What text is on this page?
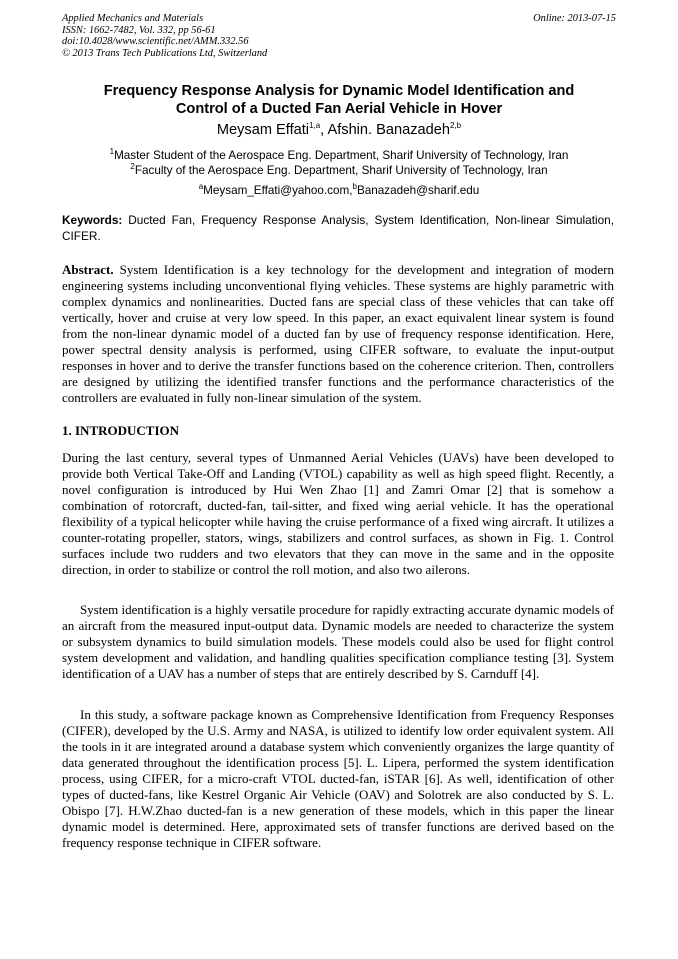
Applied Mechanics and Materials
ISSN: 1662-7482, Vol. 332, pp 56-61
doi:10.4028/www.scientific.net/AMM.332.56
© 2013 Trans Tech Publications Ltd, Switzerland
Online: 2013-07-15
Frequency Response Analysis for Dynamic Model Identification and
Control of a Ducted Fan Aerial Vehicle in Hover
Meysam Effati$^{1,a}$, Afshin. Banazadeh$^{2,b}$
$^1$Master Student of the Aerospace Eng. Department, Sharif University of Technology, Iran
$^2$Faculty of the Aerospace Eng. Department, Sharif University of Technology, Iran
$^a$Meysam_Effati@yahoo.com,$^b$Banazadeh@sharif.edu
Keywords: Ducted Fan, Frequency Response Analysis, System Identification, Non-linear Simulation, CIFER.
Abstract. System Identification is a key technology for the development and integration of modern engineering systems including unconventional flying vehicles. These systems are highly parametric with complex dynamics and nonlinearities. Ducted fans are special class of these vehicles that can take off vertically, hover and cruise at very low speed. In this paper, an exact equivalent linear system is found from the non-linear dynamic model of a ducted fan by use of frequency response identification. Here, power spectral density analysis is performed, using CIFER software, to evaluate the input-output responses in hover and to derive the transfer functions based on the coherence criterion. Then, controllers are designed by utilizing the identified transfer functions and the performance characteristics of the controllers are evaluated in fully non-linear simulation of the system.
1. INTRODUCTION
During the last century, several types of Unmanned Aerial Vehicles (UAVs) have been developed to provide both Vertical Take-Off and Landing (VTOL) capability as well as high speed flight. Recently, a novel configuration is introduced by Hui Wen Zhao [1] and Zamri Omar [2] that is somehow a combination of rotorcraft, ducted-fan, tail-sitter, and fixed wing aerial vehicle. It has the operational flexibility of a typical helicopter while having the cruise performance of a fixed wing aircraft. It utilizes a counter-rotating propeller, stators, wings, stabilizers and control surfaces, as shown in Fig. 1. Control surfaces include two rudders and two elevators that they can move in the same and in the opposite direction, in order to stabilize or control the roll motion, and also two ailerons.
System identification is a highly versatile procedure for rapidly extracting accurate dynamic models of an aircraft from the measured input-output data. Dynamic models are needed to characterize the system or subsystem dynamics to build simulation models. These models could also be used for flight control system development and validation, and handling qualities specification compliance testing [3]. System identification of a UAV has a number of steps that are entirely described by S. Carnduff [4].
In this study, a software package known as Comprehensive Identification from Frequency Responses (CIFER), developed by the U.S. Army and NASA, is utilized to identify low order equivalent system. All the tools in it are integrated around a database system which conveniently organizes the large quantity of data generated throughout the identification process [5]. L. Lipera, performed the system identification process, using CIFER, for a micro-craft VTOL ducted-fan, iSTAR [6]. As well, identification of other types of ducted-fans, like Kestrel Organic Air Vehicle (OAV) and Solotrek are also conducted by S. L. Obispo [7]. H.W.Zhao ducted-fan is a new generation of these models, which in this paper the linear dynamic model is determined. Here, approximated sets of transfer functions are derived based on the frequency response technique in CIFER software.
